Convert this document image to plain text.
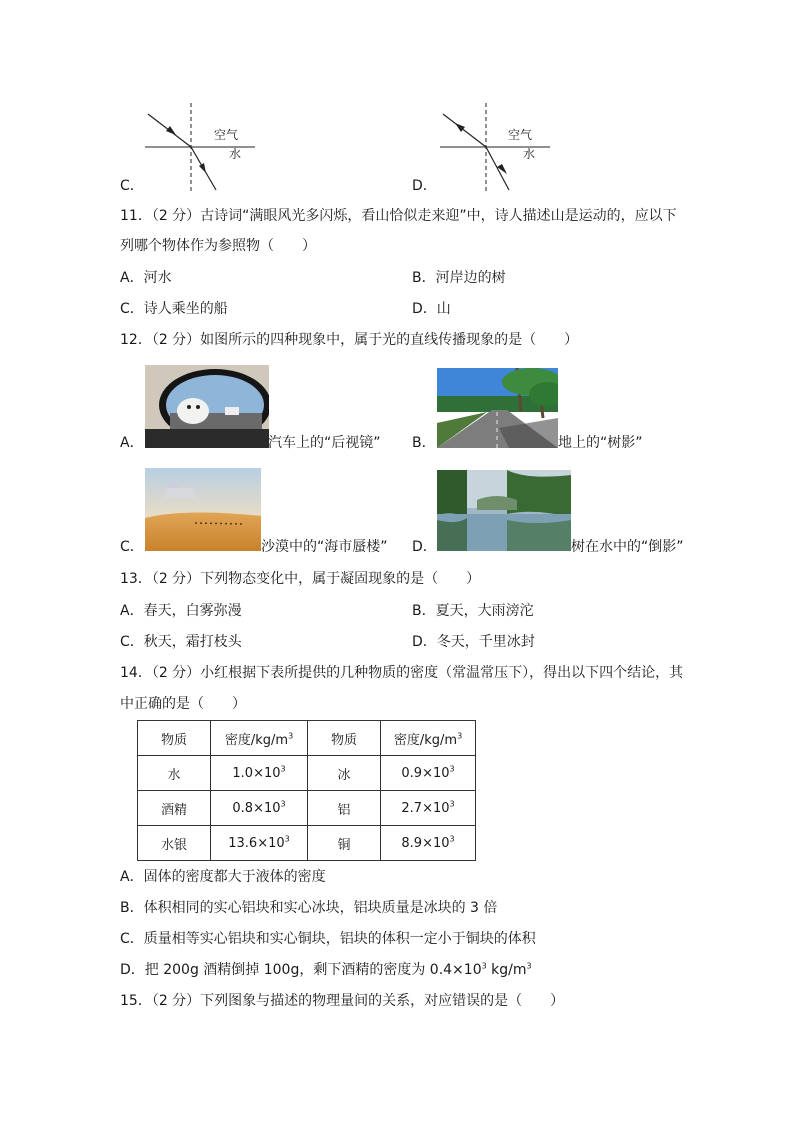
空气
水
C．
空气
水
D．
11．（2 分）古诗词“满眼风光多闪烁，看山恰似走来迎”中，诗人描述山是运动的，应以下
列哪个物体作为参照物（　　）
A．河水	B．河岸边的树
C．诗人乘坐的船	D．山
12．（2 分）如图所示的四种现象中，属于光的直线传播现象的是（　　）
A．	汽车上的“后视镜” B．	地上的“树影”
C．	沙漠中的“海市蜃楼” D．	树在水中的“倒影”
13．（2 分）下列物态变化中，属于凝固现象的是（　　）
A．春天，白雾弥漫	B．夏天，大雨滂沱
C．秋天，霜打枝头	D．冬天，千里冰封
14．（2 分）小红根据下表所提供的几种物质的密度（常温常压下），得出以下四个结论，其
中正确的是（　　）
物质	密度$/kg/m^3$	物质	密度$/kg/m^3$
水	$1.0\times 10^3$	冰	$0.9\times 10^3$
酒精	$0.8\times 10^3$	铝	$2.7\times 10^3$
水银	$13.6\times 10^3$	铜	$8.9\times 10^3$
A．固体的密度都大于液体的密度
B．体积相同的实心铝块和实心冰块，铝块质量是冰块的 3 倍
C．质量相等实心铝块和实心铜块，铝块的体积一定小于铜块的体积
D．把 200g 酒精倒掉 100g，剩下酒精的密度为 $0.4\times 10^3$ $kg/m^3$
15．（2 分）下列图象与描述的物理量间的关系，对应错误的是（　　）
